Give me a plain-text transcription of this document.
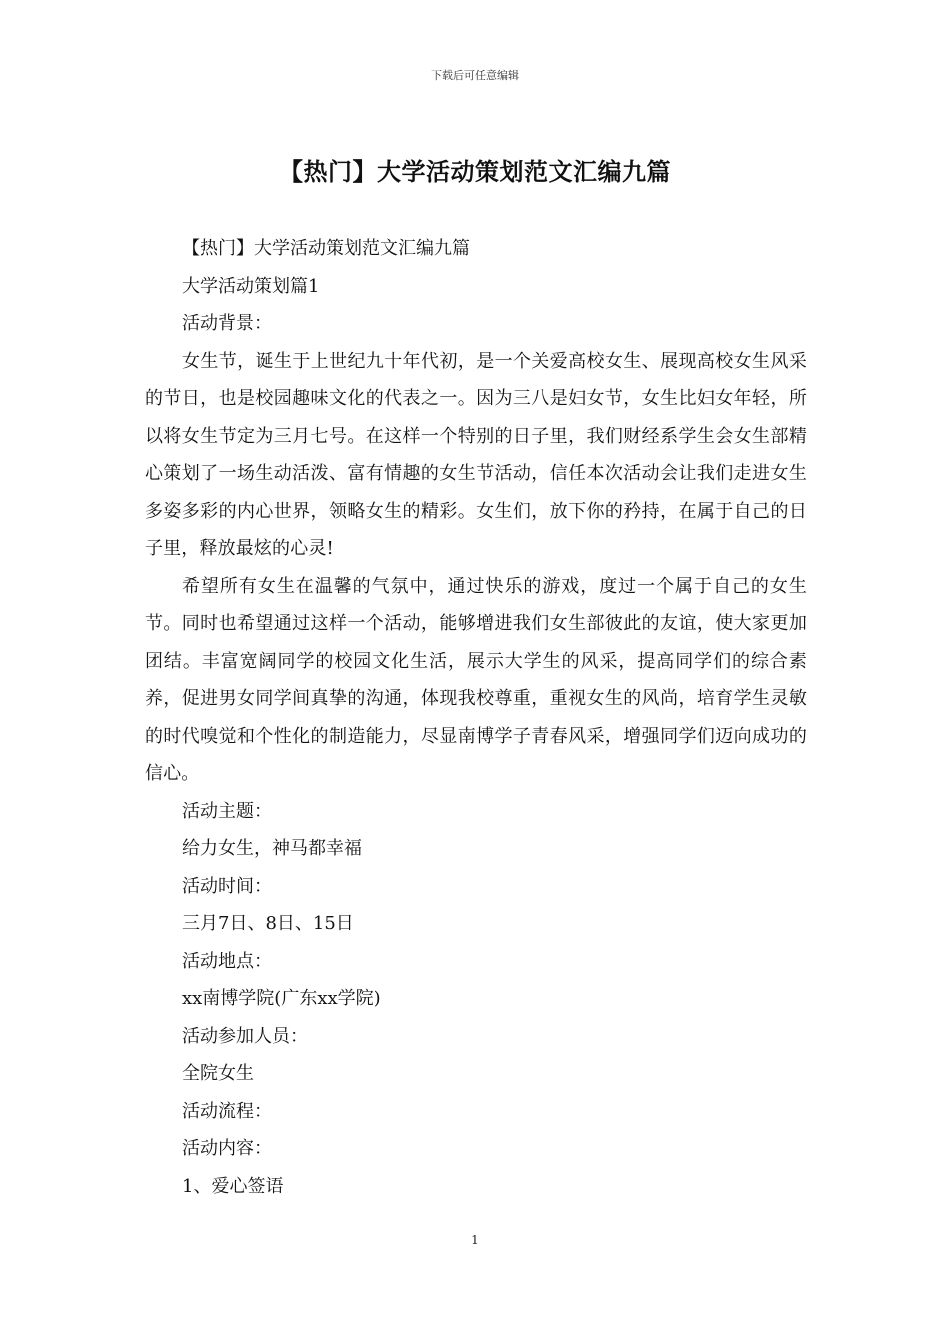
下载后可任意编辑
【热门】大学活动策划范文汇编九篇

【热门】大学活动策划范文汇编九篇

大学活动策划篇1

活动背景：

女生节，诞生于上世纪九十年代初，是一个关爱高校女生、展现高校女生风采的节日，也是校园趣味文化的代表之一。因为三八是妇女节，女生比妇女年轻，所以将女生节定为三月七号。在这样一个特别的日子里，我们财经系学生会女生部精心策划了一场生动活泼、富有情趣的女生节活动，信任本次活动会让我们走进女生多姿多彩的内心世界，领略女生的精彩。女生们，放下你的矜持，在属于自己的日子里，释放最炫的心灵!

希望所有女生在温馨的气氛中，通过快乐的游戏，度过一个属于自己的女生节。同时也希望通过这样一个活动，能够增进我们女生部彼此的友谊，使大家更加团结。丰富宽阔同学的校园文化生活，展示大学生的风采，提高同学们的综合素养，促进男女同学间真挚的沟通，体现我校尊重，重视女生的风尚，培育学生灵敏的时代嗅觉和个性化的制造能力，尽显南博学子青春风采，增强同学们迈向成功的信心。

活动主题：

给力女生，神马都幸福

活动时间：

三月7日、8日、15日

活动地点：

xx南博学院(广东xx学院)

活动参加人员：

全院女生

活动流程：

活动内容：

1、爱心签语

1
